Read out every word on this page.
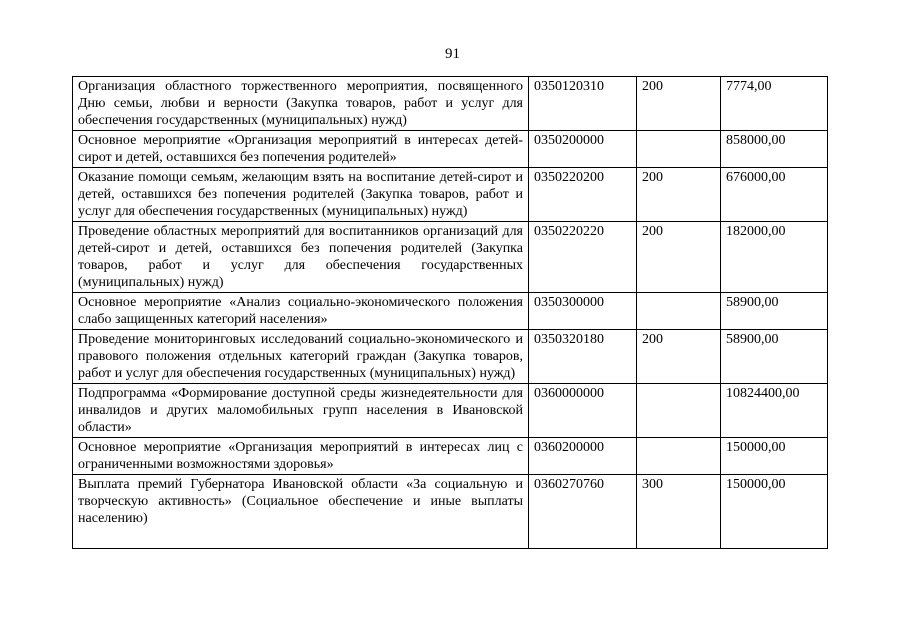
91
Организация областного торжественного мероприятия, посвященного Дню семьи, любви и верности (Закупка товаров, работ и услуг для обеспечения государственных (муниципальных) нужд)	0350120310	200	7774,00
Основное мероприятие «Организация мероприятий в интересах детей-сирот и детей, оставшихся без попечения родителей»	0350200000		858000,00
Оказание помощи семьям, желающим взять на воспитание детей-сирот и детей, оставшихся без попечения родителей (Закупка товаров, работ и услуг для обеспечения государственных (муниципальных) нужд)	0350220200	200	676000,00
Проведение областных мероприятий для воспитанников организаций для детей-сирот и детей, оставшихся без попечения родителей (Закупка товаров, работ и услуг для обеспечения государственных (муниципальных) нужд)	0350220220	200	182000,00
Основное мероприятие «Анализ социально-экономического положения слабо защищенных категорий населения»	0350300000		58900,00
Проведение мониторинговых исследований социально-экономического и правового положения отдельных категорий граждан (Закупка товаров, работ и услуг для обеспечения государственных (муниципальных) нужд)	0350320180	200	58900,00
Подпрограмма «Формирование доступной среды жизнедеятельности для инвалидов и других маломобильных групп населения в Ивановской области»	0360000000		10824400,00
Основное мероприятие «Организация мероприятий в интересах лиц с ограниченными возможностями здоровья»	0360200000		150000,00
Выплата премий Губернатора Ивановской области «За социальную и творческую активность» (Социальное обеспечение и иные выплаты населению)	0360270760	300	150000,00
